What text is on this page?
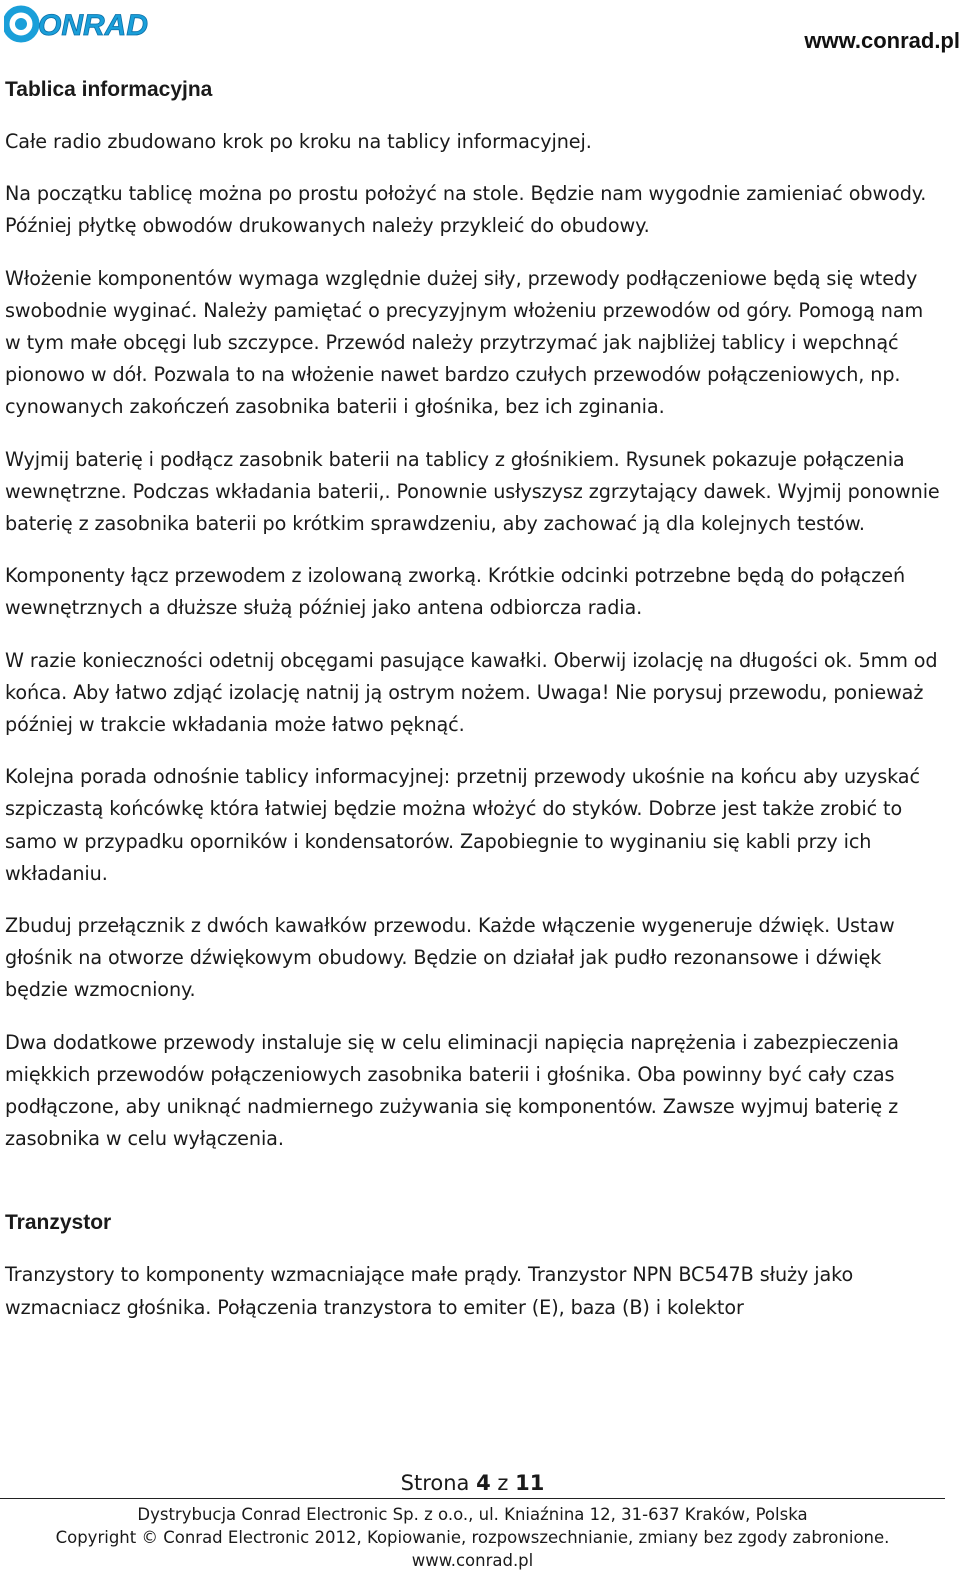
ONRAD	www.conrad.pl
Tablica informacyjna

Całe radio zbudowano krok po kroku na tablicy informacyjnej.

Na początku tablicę można po prostu położyć na stole. Będzie nam wygodnie zamieniać obwody. Później płytkę obwodów drukowanych należy przykleić do obudowy.

Włożenie komponentów wymaga względnie dużej siły, przewody podłączeniowe będą się wtedy swobodnie wyginać. Należy pamiętać o precyzyjnym włożeniu przewodów od góry. Pomogą nam w tym małe obcęgi lub szczypce. Przewód należy przytrzymać jak najbliżej tablicy i wepchnąć pionowo w dół. Pozwala to na włożenie nawet bardzo czułych przewodów połączeniowych, np. cynowanych zakończeń zasobnika baterii i głośnika, bez ich zginania.

Wyjmij baterię i podłącz zasobnik baterii na tablicy z głośnikiem. Rysunek pokazuje połączenia wewnętrzne. Podczas wkładania baterii,. Ponownie usłyszysz zgrzytający dawek. Wyjmij ponownie baterię z zasobnika baterii po krótkim sprawdzeniu, aby zachować ją dla kolejnych testów.

Komponenty łącz przewodem z izolowaną zworką. Krótkie odcinki potrzebne będą do połączeń wewnętrznych a dłuższe służą później jako antena odbiorcza radia.

W razie konieczności odetnij obcęgami pasujące kawałki. Oberwij izolację na długości ok. 5mm od końca. Aby łatwo zdjąć izolację natnij ją ostrym nożem. Uwaga! Nie porysuj przewodu, ponieważ później w trakcie wkładania może łatwo pęknąć.

Kolejna porada odnośnie tablicy informacyjnej: przetnij przewody ukośnie na końcu aby uzyskać szpiczastą końcówkę która łatwiej będzie można włożyć do styków. Dobrze jest także zrobić to samo w przypadku oporników i kondensatorów. Zapobiegnie to wyginaniu się kabli przy ich wkładaniu.

Zbuduj przełącznik z dwóch kawałków przewodu. Każde włączenie wygeneruje dźwięk. Ustaw głośnik na otworze dźwiękowym obudowy. Będzie on działał jak pudło rezonansowe i dźwięk będzie wzmocniony.

Dwa dodatkowe przewody instaluje się w celu eliminacji napięcia naprężenia i zabezpieczenia miękkich przewodów połączeniowych zasobnika baterii i głośnika. Oba powinny być cały czas podłączone, aby uniknąć nadmiernego zużywania się komponentów. Zawsze wyjmuj baterię z zasobnika w celu wyłączenia.

Tranzystor

Tranzystory to komponenty wzmacniające małe prądy. Tranzystor NPN BC547B służy jako wzmacniacz głośnika. Połączenia tranzystora to emiter (E), baza (B) i kolektor

Strona 4 z 11
Dystrybucja Conrad Electronic Sp. z o.o., ul. Kniaźnina 12, 31-637 Kraków, Polska
Copyright © Conrad Electronic 2012, Kopiowanie, rozpowszechnianie, zmiany bez zgody zabronione.
www.conrad.pl
